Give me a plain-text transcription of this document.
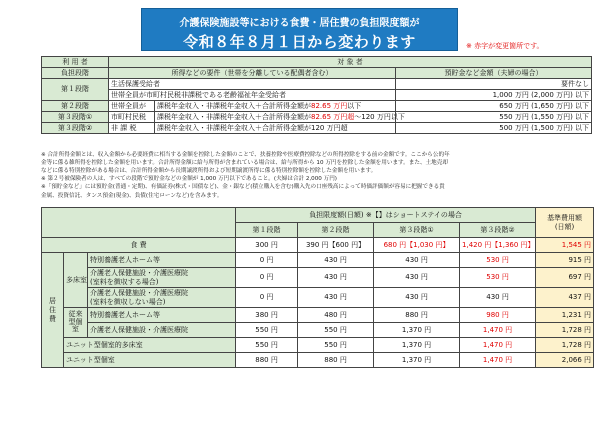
介護保険施設等における食費・居住費の負担限度額が
令和８年８月１日から変わります	※ 赤字が変更箇所です。
利 用 者	対 象 者		
負担段階	所得などの要件（世帯を分離している配偶者含む）		預貯金など金額（夫婦の場合）
第１段階	生活保護受給者		要件なし
	世帯全員が市町村民税非課税である老齢福祉年金受給者		1,000 万円 (2,000 万円) 以下
第２段階	世帯全員が	課税年金収入・非課税年金収入＋合計所得金額が82.65 万円以下	650 万円 (1,650 万円) 以下
第３段階①	市町村民税	課税年金収入・非課税年金収入＋合計所得金額が82.65 万円超～120 万円以下	550 万円 (1,550 万円) 以下
第３段階②	非 課 税	課税年金収入・非課税年金収入＋合計所得金額が120 万円超	500 万円 (1,500 万円) 以下
※ 合計所得金額とは、収入金額から必要経費に相当する金額を控除した金額のことで、扶養控除や医療費控除などの所得控除をする前の金額です。ここから公的年
金等に係る雑所得を控除した金額を用います。合計所得金額に給与所得が含まれている場合は、給与所得から 10 万円を控除した金額を用います。また、土地売却
などに係る特別控除がある場合は、合計所得金額から長期譲渡所得および短期譲渡所得に係る特別控除額を控除した金額を用います。
※ 第２号被保険者の人は、すべての段階で預貯金などの金額が 1,000 万円以下であること。(夫婦は合計 2,000 万円)
※「預貯金など」には預貯金(普通・定期)、有価証券(株式・国債など)、金・銀など(積立購入を含む)購入先の口座残高によって時価評価額が容易に把握できる貴
金属、投資信託、タンス預金(現金)、負債(住宅ローンなど)を含みます。
			負担限度額(日額) ※【】はショートステイの場合				基準費用額
(日額)

			第１段階	第２段階	第３段階①	第３段階②	
食 費			300 円	390 円【600 円】	680 円【1,030 円】	1,420 円【1,360 円】	1,545 円
居住費	多床室	特別養護老人ホーム等	0 円	430 円	430 円	530 円	915 円

		介護老人保健施設・介護医療院
(室料を徴収する場合)	0 円	430 円	430 円	530 円	697 円

		介護老人保健施設・介護医療院
(室料を徴収しない場合)	0 円	430 円	430 円	430 円	437 円
	従来型個室	特別養護老人ホーム等	380 円	480 円	880 円	980 円	1,231 円
		介護老人保健施設・介護医療院	550 円	550 円	1,370 円	1,470 円	1,728 円
	ユニット型個室的多床室		550 円	550 円	1,370 円	1,470 円	1,728 円
	ユニット型個室		880 円	880 円	1,370 円	1,470 円	2,066 円
